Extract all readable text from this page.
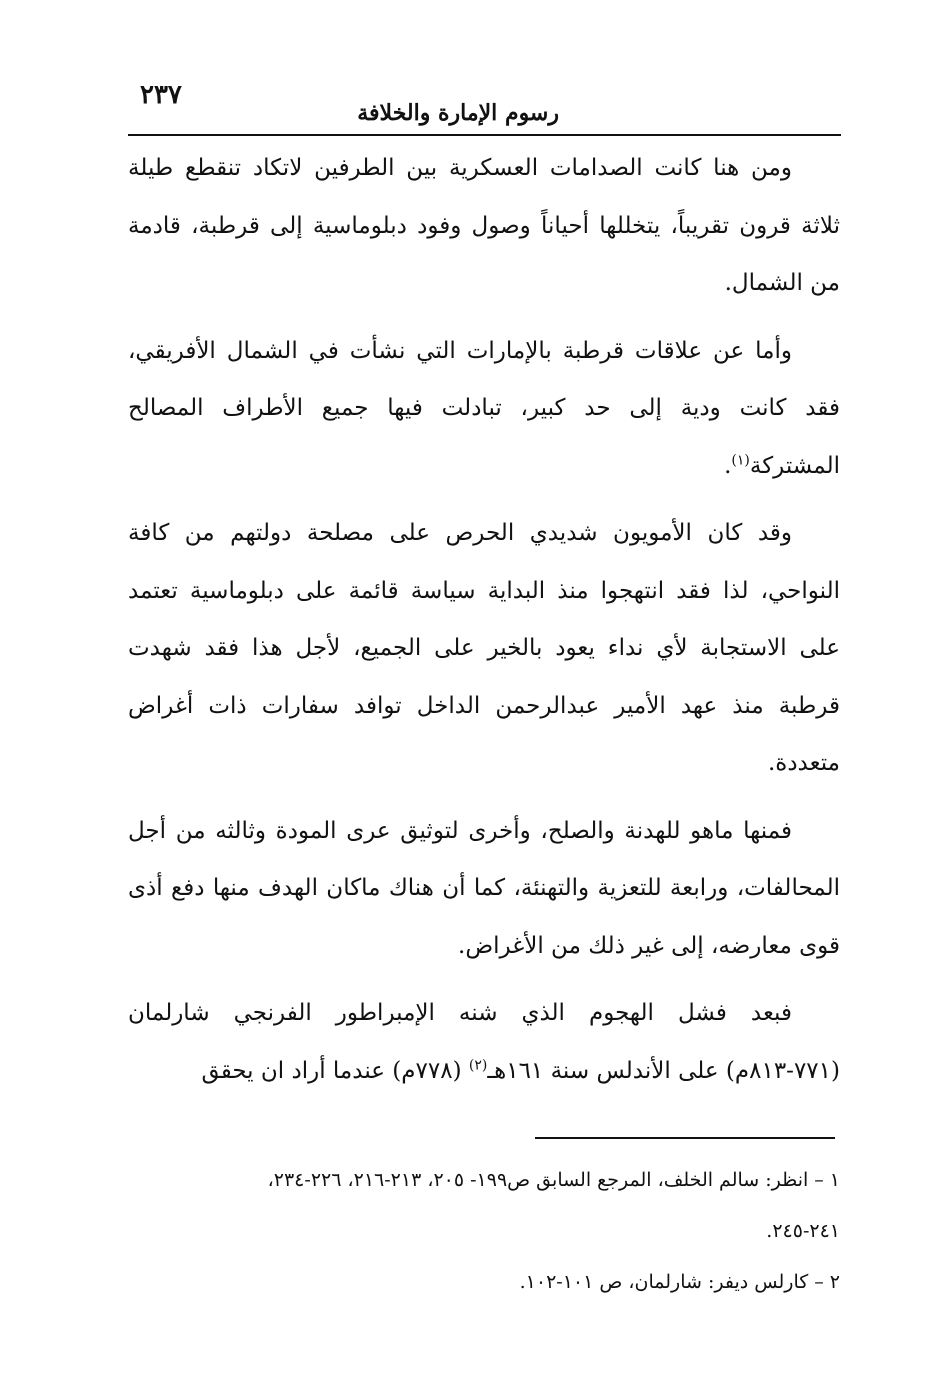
٢٣٧
رسوم الإمارة والخلافة

ومن هنا كانت الصدامات العسكرية بين الطرفين لاتكاد تنقطع طيلة ثلاثة قرون تقريباً، يتخللها أحياناً وصول وفود دبلوماسية إلى قرطبة، قادمة من الشمال.

وأما عن علاقات قرطبة بالإمارات التي نشأت في الشمال الأفريقي، فقد كانت ودية إلى حد كبير، تبادلت فيها جميع الأطراف المصالح المشتركة$^{(١)}$.

وقد كان الأمويون شديدي الحرص على مصلحة دولتهم من كافة النواحي، لذا فقد انتهجوا منذ البداية سياسة قائمة على دبلوماسية تعتمد على الاستجابة لأي نداء يعود بالخير على الجميع، لأجل هذا فقد شهدت قرطبة منذ عهد الأمير عبدالرحمن الداخل توافد سفارات ذات أغراض متعددة.

فمنها ماهو للهدنة والصلح، وأخرى لتوثيق عرى المودة وثالثه من أجل المحالفات، ورابعة للتعزية والتهنئة، كما أن هناك ماكان الهدف منها دفع أذى قوى معارضه، إلى غير ذلك من الأغراض.

فبعد فشل الهجوم الذي شنه الإمبراطور الفرنجي شارلمان (٧٧١-٨١٣م) على الأندلس سنة ١٦١هـ$^{(٢)}$ (٧٧٨م) عندما أراد ان يحقق

١–انظر: سالم الخلف، المرجع السابق ص١٩٩- ٢٠٥، ٢١٣-٢١٦، ٢٢٦-٢٣٤،
٢٤١-٢٤٥.
٢–كارلس ديفر: شارلمان، ص ١٠١-١٠٢.
